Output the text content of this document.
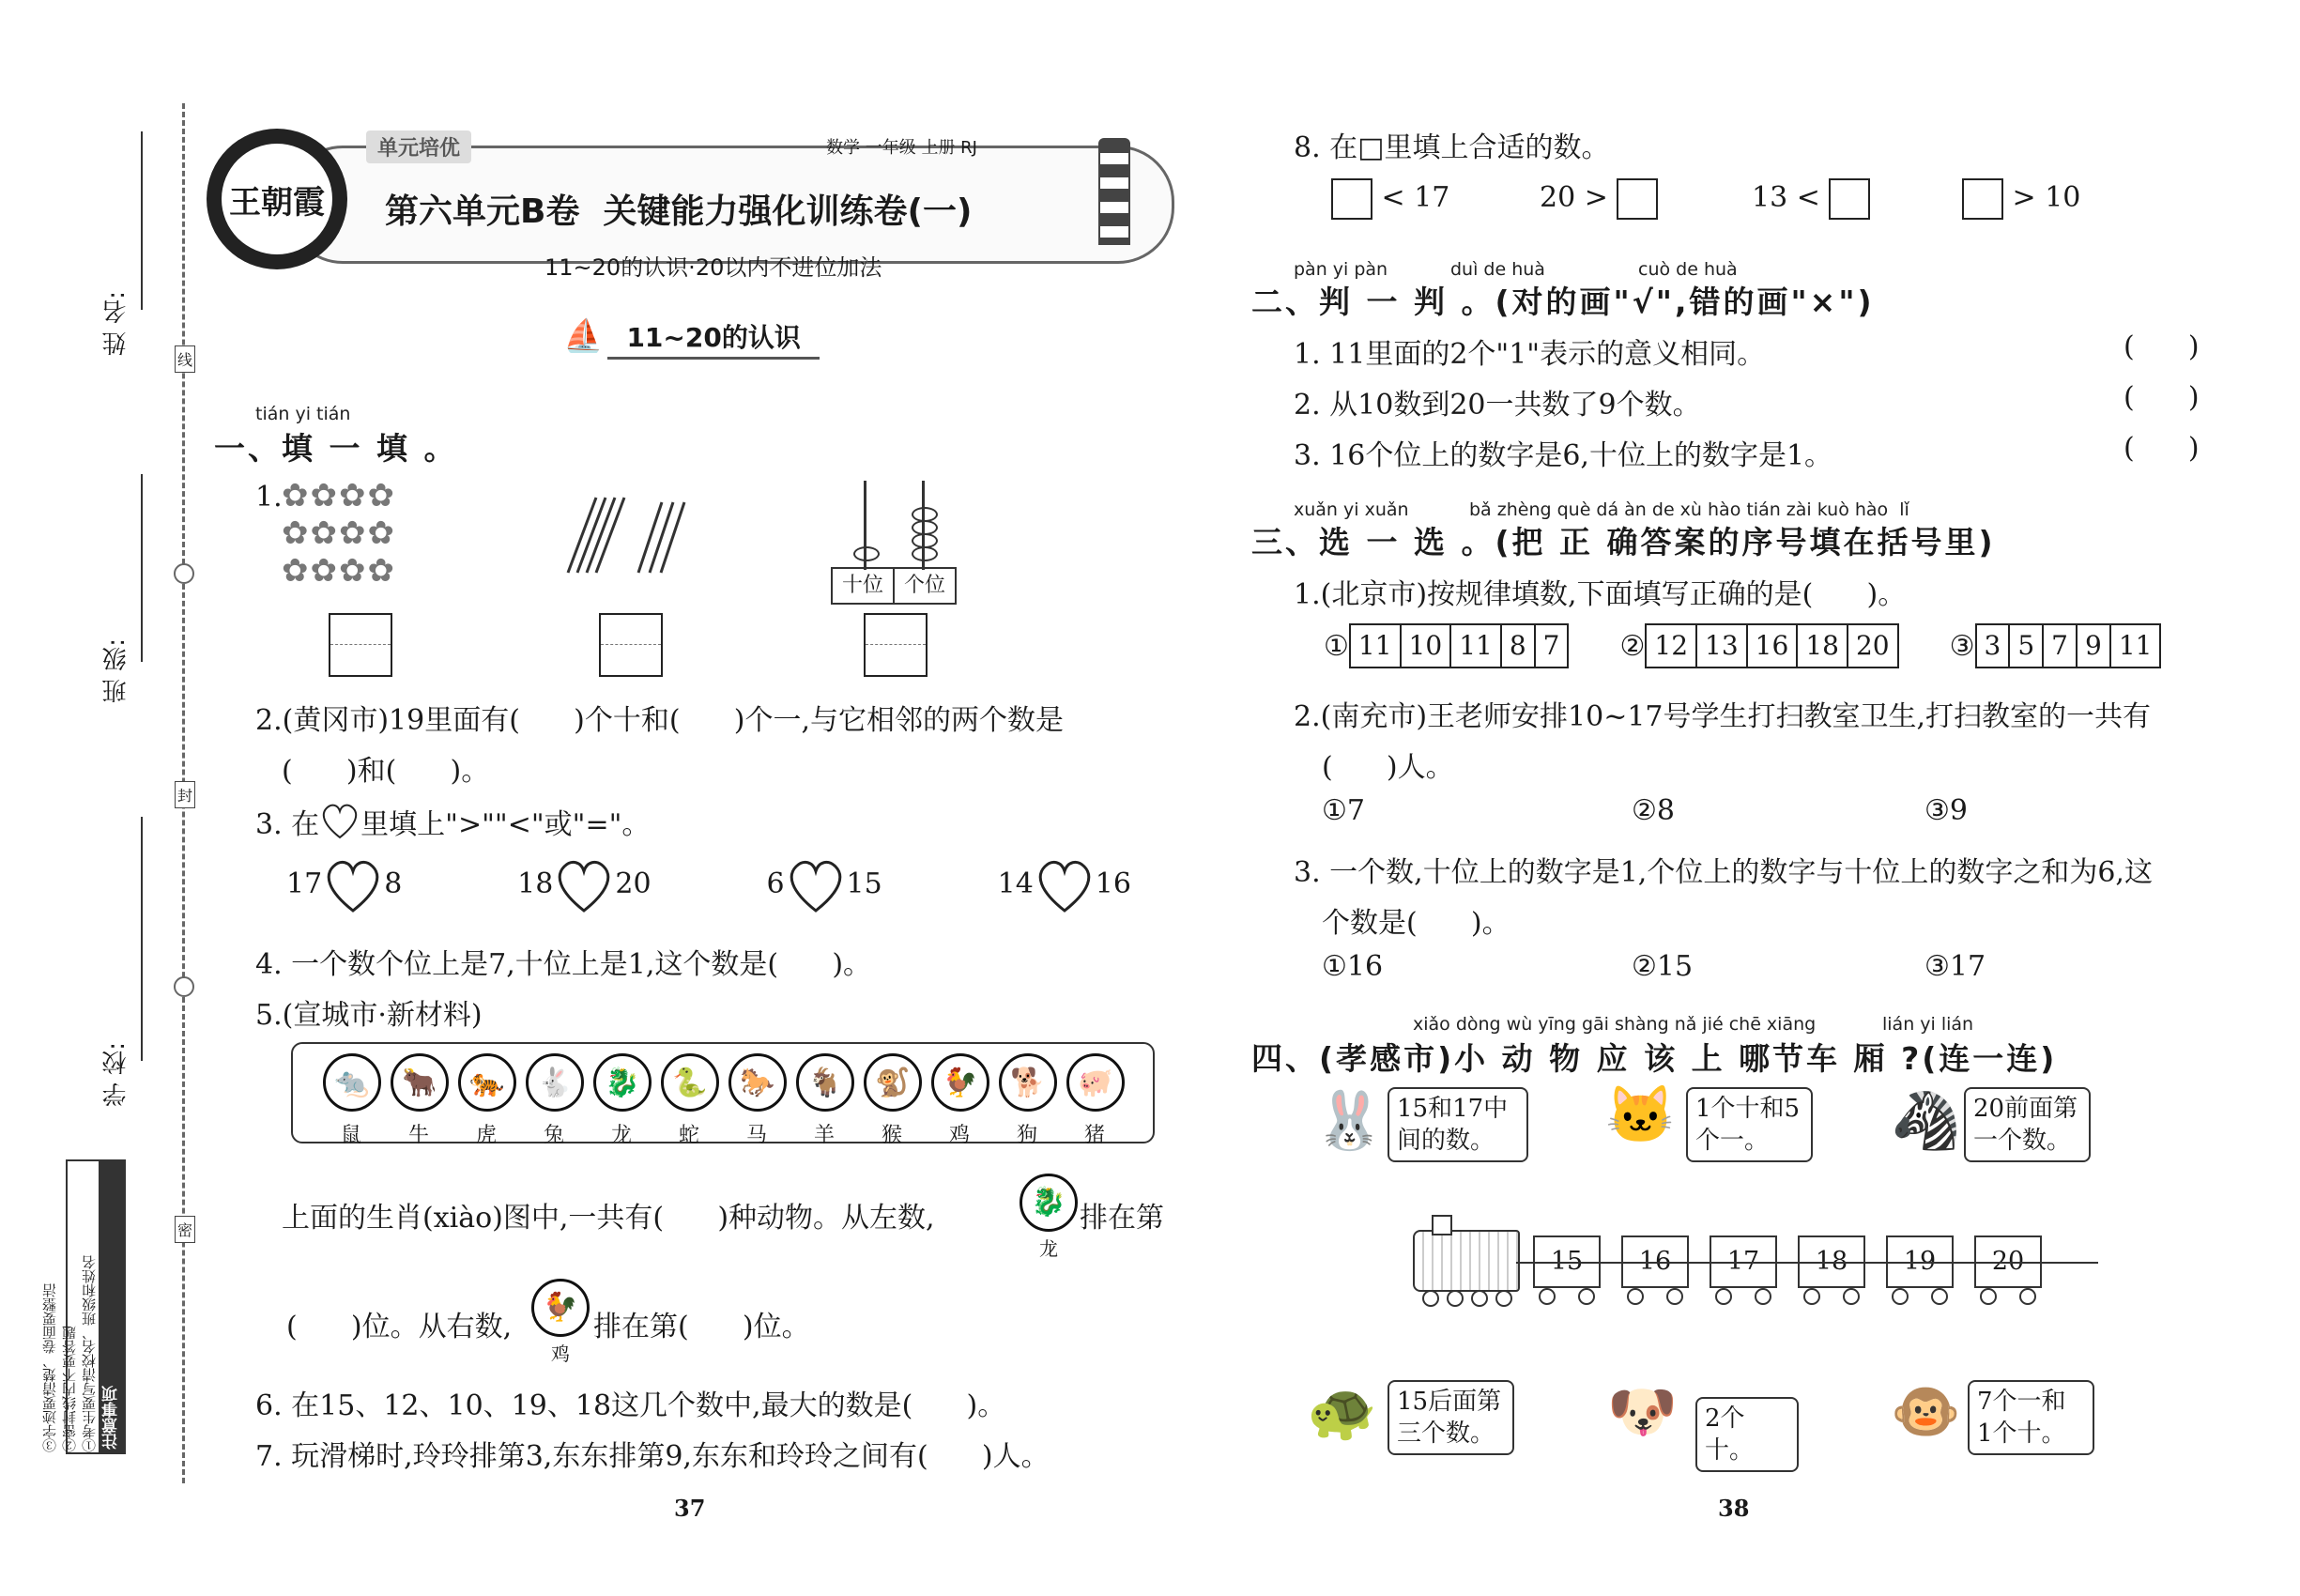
姓 名:
班 级:
学 校:
线
封
密
注意事项
①考生要写清校名、班级和姓名
②密封线内不要答题
③字迹要清楚、卷面要整洁
王朝霞
单元培优	数学 一年级 上册 RJ
第六单元B卷  关键能力强化训练卷(一)
11~20的认识·20以内不进位加法
⛵ 11~20的认识
tián yi tián
一、填 一 填 。
1. ✿✿✿✿
✿✿✿✿
✿✿✿✿	十位 个位
2.(黄冈市)19里面有(      )个十和(      )个一,与它相邻的两个数是
(      )和(      )。
3. 在 里填上">""<"或"="。
17 8	18 20	6 15	14 16
4. 一个数个位上是7,十位上是1,这个数是(      )。
5.(宣城市·新材料)
🐀
鼠
🐂
牛
🐅
虎
🐇
兔
🐉
龙
🐍
蛇
🐎
马
🐐
羊
🐒
猴
🐓
鸡
🐕
狗
🐖
猪
上面的生肖(xiào)图中,一共有(      )种动物。从左数,	🐉
龙
排在第
(      )位。从右数,
🐓
鸡
排在第(      )位。
6. 在15、12、10、19、18这几个数中,最大的数是(      )。
7. 玩滑梯时,玲玲排第3,东东排第9,东东和玲玲之间有(      )人。
37
8. 在□里填上合适的数。
< 17	20 >	13 <	> 10
pàn yi pàn	duì de huà	cuò de huà
二、判 一 判 。(对的画"√",错的画"×")
1. 11里面的2个"1"表示的意义相同。	(      )
2. 从10数到20一共数了9个数。	(      )
3. 16个位上的数字是6,十位上的数字是1。	(      )
xuǎn yi xuǎn	bǎ zhèng què dá àn de xù hào tián zài kuò hào  lǐ
三、选 一 选 。(把 正 确答案的序号填在括号里)
1.(北京市)按规律填数,下面填写正确的是(      )。
① 11 10 11 8 7 ② 12 13 16 18 20 ③ 3 5 7 9 11
2.(南充市)王老师安排10~17号学生打扫教室卫生,打扫教室的一共有
(      )人。
①7	②8	③9
3. 一个数,十位上的数字是1,个位上的数字与十位上的数字之和为6,这
个数是(      )。
①16	②15	③17
xiǎo dòng wù yīng gāi shàng nǎ jié chē xiāng	lián yi lián
四、(孝感市)小 动 物 应 该 上 哪节车 厢 ?(连一连)
🐰 15和17中
间的数。	🐱 1个十和5
个一。	🦓 20前面第
一个数。
15	16	17	18	19	20
🐢 15后面第
三个数。 🐶 2个十。
🐵 7个一和
1个十。
38
